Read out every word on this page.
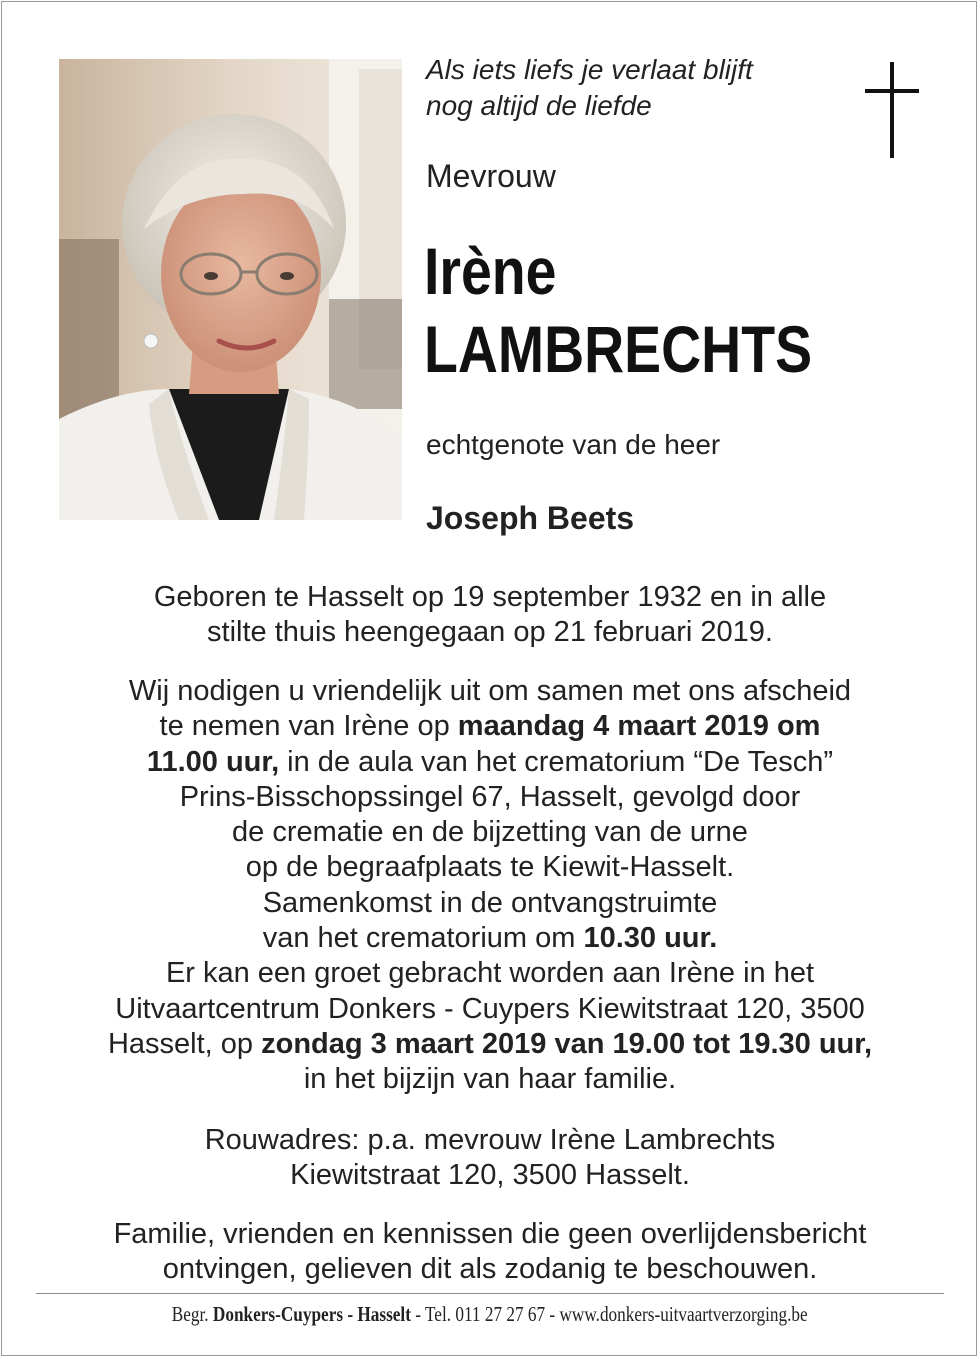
Als iets liefs je verlaat blijft
nog altijd de liefde
Mevrouw
Irène
LAMBRECHTS
echtgenote van de heer
Joseph Beets
Geboren te Hasselt op 19 september 1932 en in alle
stilte thuis heengegaan op 21 februari 2019.
Wij nodigen u vriendelijk uit om samen met ons afscheid
te nemen van Irène op maandag 4 maart 2019 om
11.00 uur, in de aula van het crematorium “De Tesch”
Prins-Bisschopssingel 67, Hasselt, gevolgd door
de crematie en de bijzetting van de urne
op de begraafplaats te Kiewit-Hasselt.
Samenkomst in de ontvangstruimte
van het crematorium om 10.30 uur.
Er kan een groet gebracht worden aan Irène in het
Uitvaartcentrum Donkers - Cuypers Kiewitstraat 120, 3500
Hasselt, op zondag 3 maart 2019 van 19.00 tot 19.30 uur,
in het bijzijn van haar familie.
Rouwadres: p.a. mevrouw Irène Lambrechts
Kiewitstraat 120, 3500 Hasselt.
Familie, vrienden en kennissen die geen overlijdensbericht
ontvingen, gelieven dit als zodanig te beschouwen.
Begr. Donkers-Cuypers - Hasselt - Tel. 011 27 27 67 - www.donkers-uitvaartverzorging.be
